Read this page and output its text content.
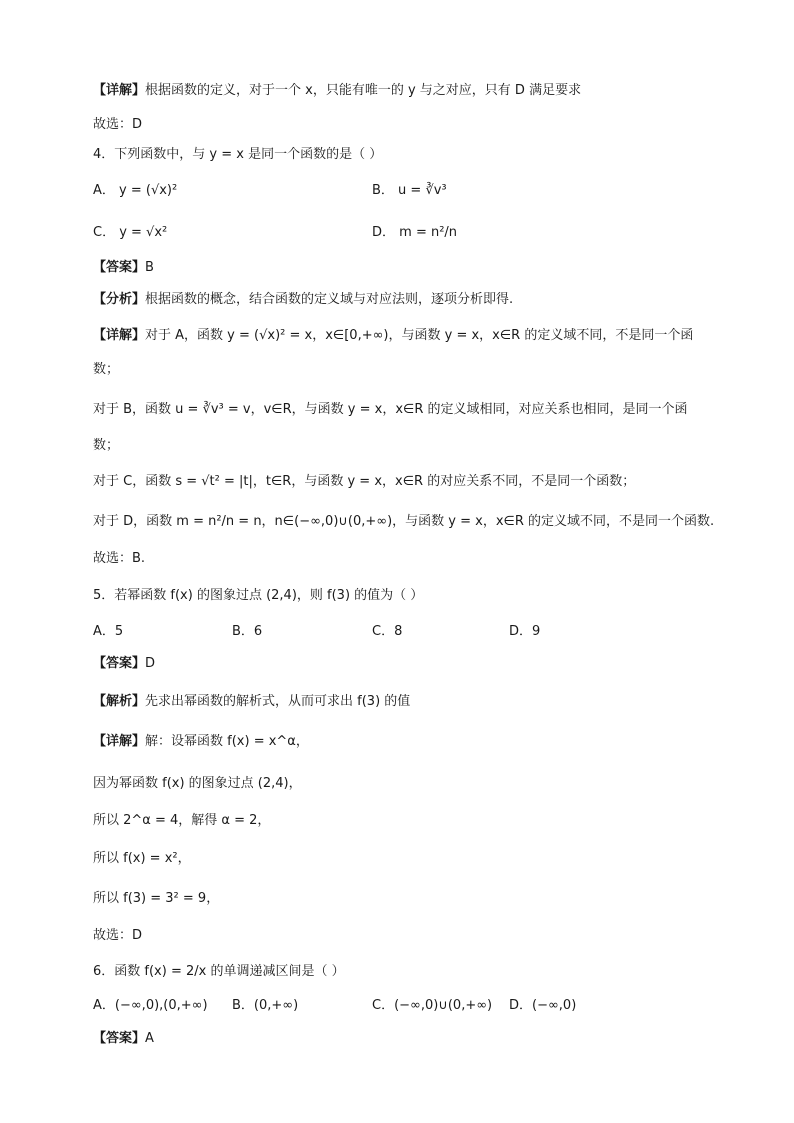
【详解】根据函数的定义，对于一个 x，只能有唯一的 y 与之对应，只有 D 满足要求
故选：D
4．下列函数中，与 y = x 是同一个函数的是（ ）
A． y = (√x)²	B． u = ∛v³
C． y = √x²	D． m = n²/n
【答案】B
【分析】根据函数的概念，结合函数的定义域与对应法则，逐项分析即得.
【详解】对于 A，函数 y = (√x)² = x，x∈[0,+∞)，与函数 y = x，x∈R 的定义域不同，不是同一个函
数；
对于 B，函数 u = ∛v³ = v，v∈R，与函数 y = x，x∈R 的定义域相同，对应关系也相同，是同一个函
数；
对于 C，函数 s = √t² = |t|，t∈R，与函数 y = x，x∈R 的对应关系不同，不是同一个函数；
对于 D，函数 m = n²/n = n，n∈(−∞,0)∪(0,+∞)，与函数 y = x，x∈R 的定义域不同，不是同一个函数.
故选：B.
5．若幂函数 f(x) 的图象过点 (2,4)，则 f(3) 的值为（ ）
A．5	B．6	C．8	D．9
【答案】D
【解析】先求出幂函数的解析式，从而可求出 f(3) 的值
【详解】解：设幂函数 f(x) = x^α，
因为幂函数 f(x) 的图象过点 (2,4)，
所以 2^α = 4，解得 α = 2，
所以 f(x) = x²，
所以 f(3) = 3² = 9，
故选：D
6．函数 f(x) = 2/x 的单调递减区间是（ ）
A．(−∞,0),(0,+∞) B．(0,+∞)	C．(−∞,0)∪(0,+∞) D．(−∞,0)
【答案】A
